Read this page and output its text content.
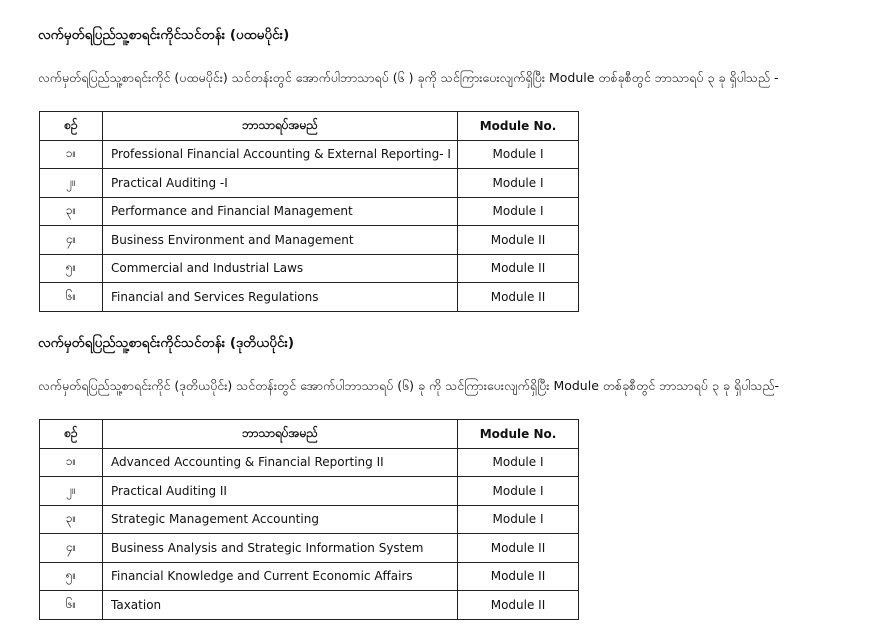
လက်မှတ်ရပြည်သူ့စာရင်းကိုင်သင်တန်း (ပထမပိုင်း)

လက်မှတ်ရပြည်သူ့စာရင်းကိုင် (ပထမပိုင်း) သင်တန်းတွင် အောက်ပါဘာသာရပ် (၆ ) ခုကို သင်ကြားပေးလျက်ရှိပြီး Module တစ်ခုစီတွင် ဘာသာရပ် ၃ ခု ရှိပါသည် -

စဉ်	ဘာသာရပ်အမည်	Module No.
၁။	Professional Financial Accounting & External Reporting- I	Module I
၂။	Practical Auditing -I	Module I
၃။	Performance and Financial Management	Module I
၄။	Business Environment and Management	Module II
၅။	Commercial and Industrial Laws	Module II
၆။	Financial and Services Regulations	Module II

လက်မှတ်ရပြည်သူ့စာရင်းကိုင်သင်တန်း (ဒုတိယပိုင်း)

လက်မှတ်ရပြည်သူ့စာရင်းကိုင် (ဒုတိယပိုင်း) သင်တန်းတွင် အောက်ပါဘာသာရပ် (၆) ခု ကို သင်ကြားပေးလျက်ရှိပြီး Module တစ်ခုစီတွင် ဘာသာရပ် ၃ ခု ရှိပါသည်-

စဉ်	ဘာသာရပ်အမည်	Module No.
၁။	Advanced Accounting & Financial Reporting II	Module I
၂။	Practical Auditing II	Module I
၃။	Strategic Management Accounting	Module I
၄။	Business Analysis and Strategic Information System	Module II
၅။	Financial Knowledge and Current Economic Affairs	Module II
၆။	Taxation	Module II
